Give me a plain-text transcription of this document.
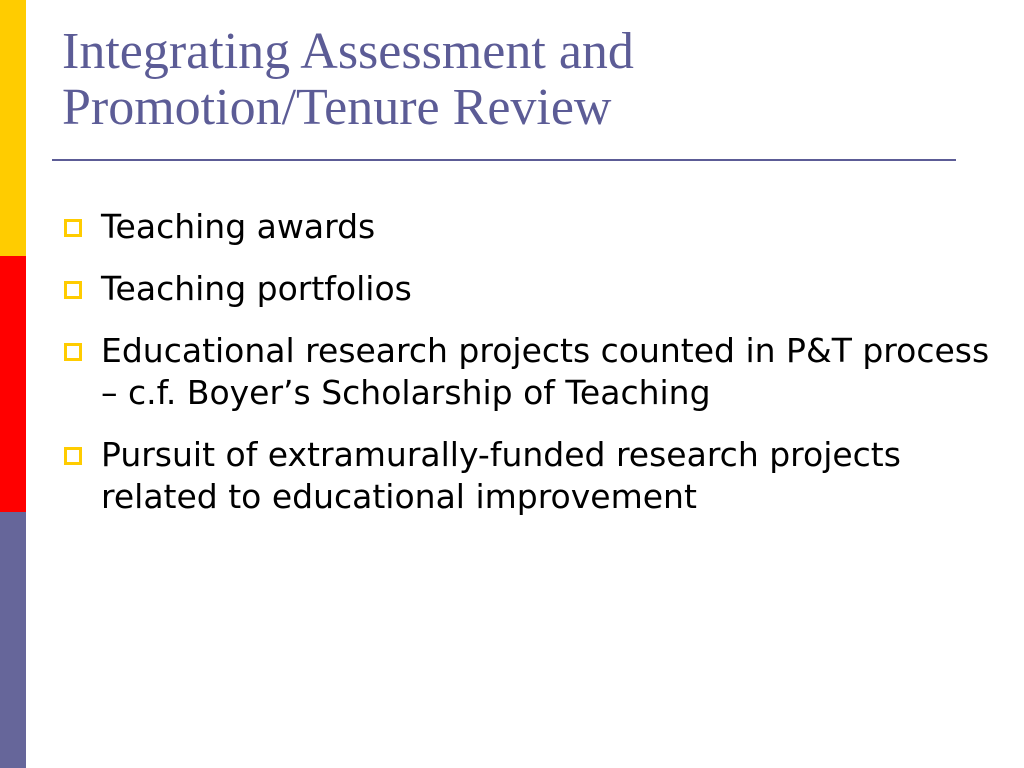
Integrating Assessment and Promotion/Tenure Review
Teaching awards
Teaching portfolios
Educational research projects counted in P&T process – c.f. Boyer’s Scholarship of Teaching
Pursuit of extramurally-funded research projects related to educational improvement
